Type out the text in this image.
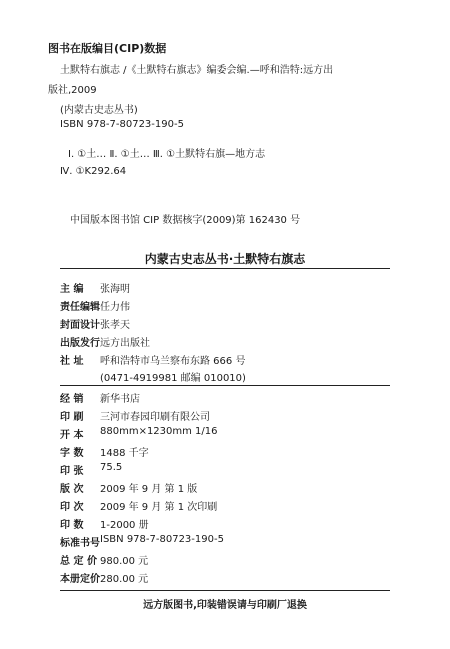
图书在版编目(CIP)数据
土默特右旗志 /《土默特右旗志》编委会编.—呼和浩特:远方出
版社,2009
(内蒙古史志丛书)
ISBN 978-7-80723-190-5
Ⅰ. ①土… Ⅱ. ①土… Ⅲ. ①土默特右旗—地方志
Ⅳ. ①K292.64
中国版本图书馆 CIP 数据核字(2009)第 162430 号
内蒙古史志丛书·土默特右旗志
主 编	张海明
责任编辑 任力伟
封面设计 张孝天
出版发行 远方出版社
社 址	呼和浩特市乌兰察布东路 666 号
(0471-4919981 邮编 010010)
经 销	新华书店
印 刷	三河市春园印刷有限公司
开 本	880mm×1230mm 1/16
字 数	1488 千字
印 张	75.5
版 次	2009 年 9 月 第 1 版
印 次	2009 年 9 月 第 1 次印刷
印 数	1-2000 册
标准书号 ISBN 978-7-80723-190-5
总 定 价 980.00 元
本册定价 280.00 元
远方版图书,印装错误请与印刷厂退换
